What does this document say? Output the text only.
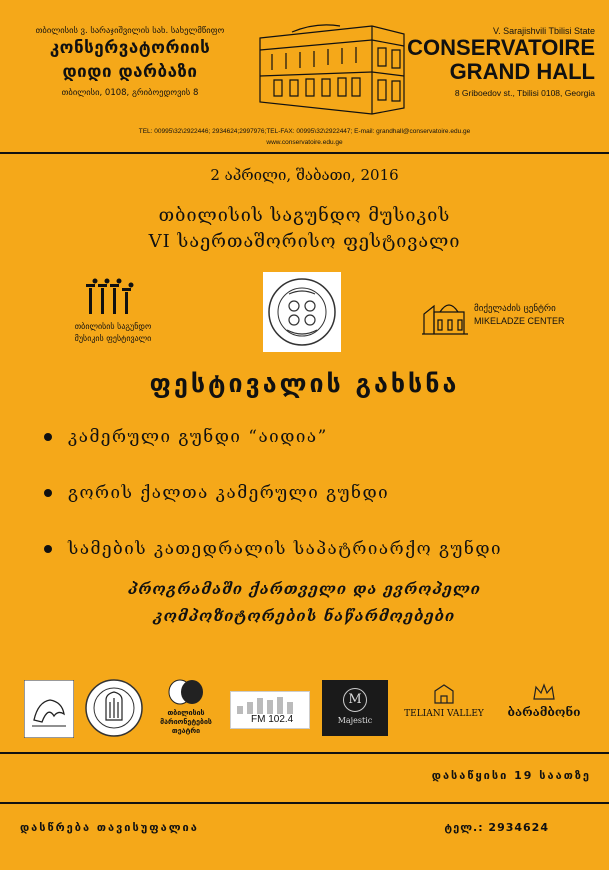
თბილისის ვ. სარაჯიშვილის სახ. სახელმწიფო
კონსერვატორიის
დიდი დარბაზი
თბილისი, 0108, გრიბოედოვის 8
V. Sarajishvili Tbilisi State
CONSERVATOIRE
GRAND HALL
8 Griboedov st., Tbilisi 0108, Georgia
TEL: 00995\32\2922446; 2934624;2997976;TEL-FAX: 00995\32\2922447; E-mail: grandhall@conservatoire.edu.ge
www.conservatoire.edu.ge
2 აპრილი, შაბათი, 2016
თბილისის საგუნდო მუსიკის
VI საერთაშორისო ფესტივალი
თბილისის საგუნდო
მუსიკის ფესტივალი
მიქელაძის ცენტრი
MIKELADZE CENTER
ფესტივალის გახსნა
კამერული გუნდი “აიდია”
გორის ქალთა კამერული გუნდი
სამების კათედრალის საპატრიარქო გუნდი
პროგრამაში ქართველი და ევროპელი
კომპოზიტორების ნაწარმოებები
თბილისის მარიონეტების თეატრი
FM 102.4
M
Majestic
TELIANI VALLEY	ბარამბონი
დასაწყისი 19 საათზე
დასწრება თავისუფალია	ტელ.: 2934624
